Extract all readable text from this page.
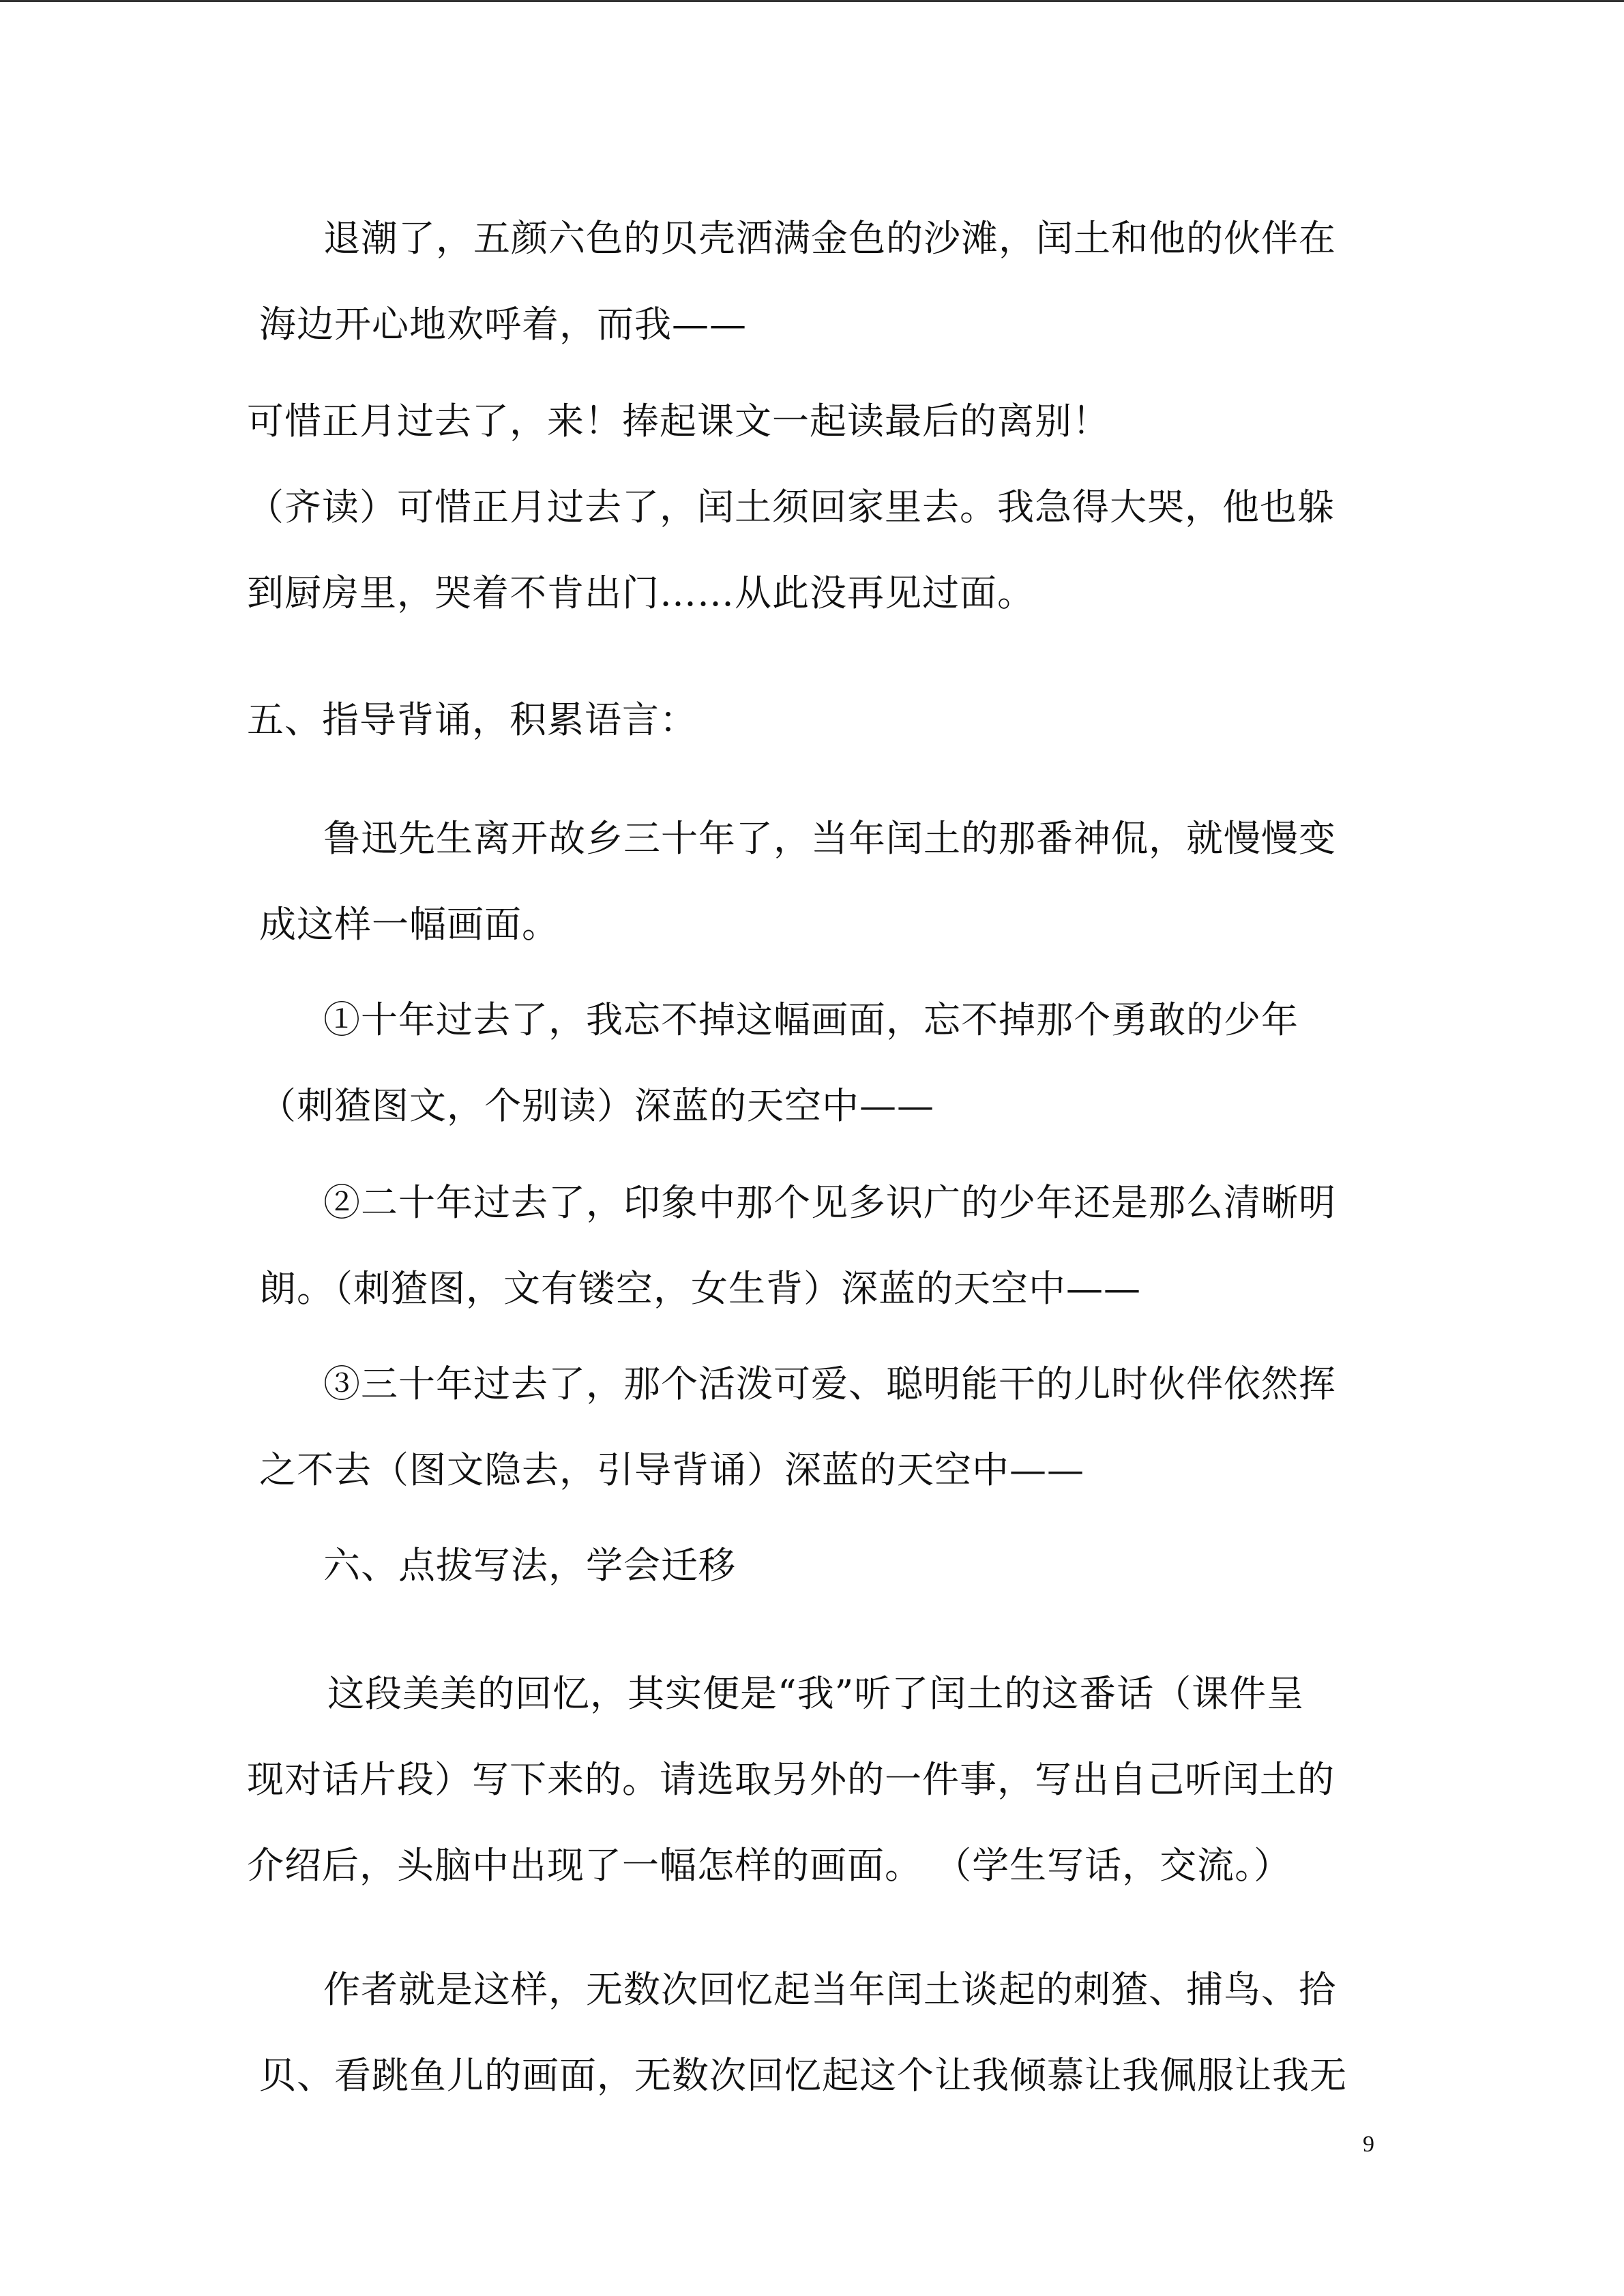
退潮了，五颜六色的贝壳洒满金色的沙滩，闰土和他的伙伴在
海边开心地欢呼着，而我——
可惜正月过去了，来！捧起课文一起读最后的离别！
（齐读）可惜正月过去了，闰土须回家里去。我急得大哭，他也躲
到厨房里，哭着不肯出门……从此没再见过面。
五、指导背诵，积累语言：
鲁迅先生离开故乡三十年了，当年闰土的那番神侃，就慢慢变
成这样一幅画面。
①十年过去了，我忘不掉这幅画面，忘不掉那个勇敢的少年
（刺猹图文，个别读）深蓝的天空中——
②二十年过去了，印象中那个见多识广的少年还是那么清晰明
朗。（刺猹图，文有镂空，女生背）深蓝的天空中——
③三十年过去了，那个活泼可爱、聪明能干的儿时伙伴依然挥
之不去（图文隐去，引导背诵）深蓝的天空中——
六、点拔写法，学会迁移
这段美美的回忆，其实便是“我”听了闰土的这番话（课件呈
现对话片段）写下来的。请选取另外的一件事，写出自己听闰土的
介绍后，头脑中出现了一幅怎样的画面。 （学生写话，交流。）
作者就是这样，无数次回忆起当年闰土谈起的刺猹、捕鸟、拾
贝、看跳鱼儿的画面，无数次回忆起这个让我倾慕让我佩服让我无
9
